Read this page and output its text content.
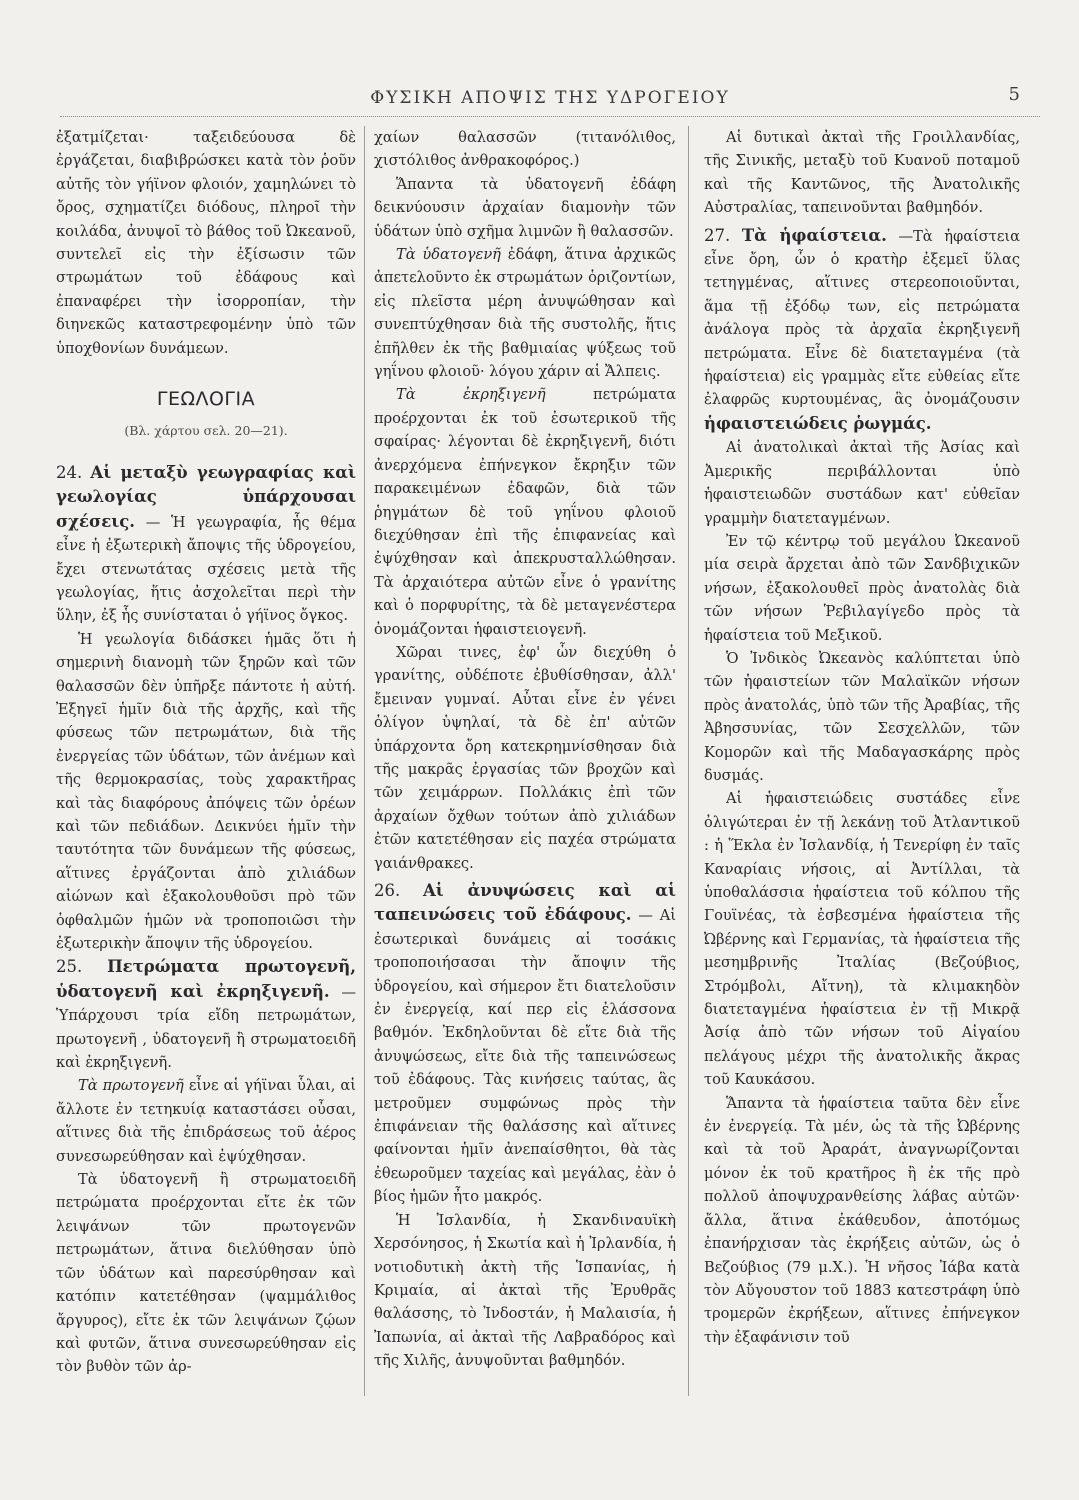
ΦΥΣΙΚΗ ΑΠΟΨΙΣ ΤΗΣ ΥΔΡΟΓΕΙΟΥ	5

ἐξατμίζεται· ταξειδεύουσα δὲ ἐργάζεται, διαβιβρώσκει κατὰ τὸν ῥοῦν αὐτῆς τὸν γήϊνον φλοιόν, χαμηλώνει τὸ ὄρος, σχηματίζει διόδους, πληροῖ τὴν κοιλάδα, ἀνυψοῖ τὸ βάθος τοῦ Ὠκεανοῦ, συντελεῖ εἰς τὴν ἐξίσωσιν τῶν στρωμάτων τοῦ ἐδάφους καὶ ἐπαναφέρει τὴν ἰσορροπίαν, τὴν διηνεκῶς καταστρεφομένην ὑπὸ τῶν ὑποχθονίων δυνάμεων.

ΓΕΩΛΟΓΙΑ
(Βλ. χάρτου σελ. 20—21).

24. Αἱ μεταξὺ γεωγραφίας καὶ γεωλογίας ὑπάρχουσαι σχέσεις. — Ἡ γεωγραφία, ἧς θέμα εἶνε ἡ ἐξωτερικὴ ἄποψις τῆς ὑδρογείου, ἔχει στενωτάτας σχέσεις μετὰ τῆς γεωλογίας, ἥτις ἀσχολεῖται περὶ τὴν ὕλην, ἐξ ἧς συνίσταται ὁ γήϊνος ὄγκος.

Ἡ γεωλογία διδάσκει ἡμᾶς ὅτι ἡ σημερινὴ διανομὴ τῶν ξηρῶν καὶ τῶν θαλασσῶν δὲν ὑπῆρξε πάντοτε ἡ αὐτή. Ἐξηγεῖ ἡμῖν διὰ τῆς ἀρχῆς, καὶ τῆς φύσεως τῶν πετρωμάτων, διὰ τῆς ἐνεργείας τῶν ὑδάτων, τῶν ἀνέμων καὶ τῆς θερμοκρασίας, τοὺς χαρακτῆρας καὶ τὰς διαφόρους ἀπόψεις τῶν ὀρέων καὶ τῶν πεδιάδων. Δεικνύει ἡμῖν τὴν ταυτότητα τῶν δυνάμεων τῆς φύσεως, αἵτινες ἐργάζονται ἀπὸ χιλιάδων αἰώνων καὶ ἐξακολουθοῦσι πρὸ τῶν ὀφθαλμῶν ἡμῶν νὰ τροποποιῶσι τὴν ἐξωτερικὴν ἄποψιν τῆς ὑδρογείου.

25. Πετρώματα πρωτογενῆ, ὑδατογενῆ καὶ ἐκρηξιγενῆ. — Ὑπάρχουσι τρία εἴδη πετρωμάτων, πρωτογενῆ , ὑδατογενῆ ἢ στρωματοειδῆ καὶ ἐκρηξιγενῆ.

Τὰ πρωτογενῆ εἶνε αἱ γήϊναι ὗλαι, αἱ ἄλλοτε ἐν τετηκυίᾳ καταστάσει οὖσαι, αἵτινες διὰ τῆς ἐπιδράσεως τοῦ ἀέρος συνεσωρεύθησαν καὶ ἐψύχθησαν.

Τὰ ὑδατογενῆ ἢ στρωματοειδῆ πετρώματα προέρχονται εἴτε ἐκ τῶν λειψάνων τῶν πρωτογενῶν πετρωμάτων, ἅτινα διελύθησαν ὑπὸ τῶν ὑδάτων καὶ παρεσύρθησαν καὶ κατόπιν κατετέθησαν (ψαμμάλιθος ἄργυρος), εἴτε ἐκ τῶν λειψάνων ζῴων καὶ φυτῶν, ἅτινα συνεσωρεύθησαν εἰς τὸν βυθὸν τῶν ἀρ-

χαίων θαλασσῶν (τιτανόλιθος, χιστόλιθος ἀνθρακοφόρος.)

Ἅπαντα τὰ ὑδατογενῆ ἐδάφη δεικνύουσιν ἀρχαίαν διαμονὴν τῶν ὑδάτων ὑπὸ σχῆμα λιμνῶν ἢ θαλασσῶν.

Τὰ ὑδατογενῆ ἐδάφη, ἅτινα ἀρχικῶς ἀπετελοῦντο ἐκ στρωμάτων ὁριζοντίων, εἰς πλεῖστα μέρη ἀνυψώθησαν καὶ συνεπτύχθησαν διὰ τῆς συστολῆς, ἥτις ἐπῆλθεν ἐκ τῆς βαθμιαίας ψύξεως τοῦ γηΐνου φλοιοῦ· λόγου χάριν αἱ Ἄλπεις.

Τὰ ἐκρηξιγενῆ	πετρώματα προέρχονται ἐκ τοῦ ἐσωτερικοῦ τῆς σφαίρας· λέγονται δὲ ἐκρηξιγενῆ, διότι ἀνερχόμενα ἐπήνεγκον ἔκρηξιν τῶν παρακειμένων ἐδαφῶν, διὰ τῶν ῥηγμάτων δὲ τοῦ γηΐνου φλοιοῦ διεχύθησαν ἐπὶ τῆς ἐπιφανείας καὶ ἐψύχθησαν καὶ ἀπεκρυσταλλώθησαν. Τὰ ἀρχαιότερα αὐτῶν εἶνε ὁ γρανίτης καὶ ὁ πορφυρίτης, τὰ δὲ μεταγενέστερα ὀνομάζονται ἡφαιστειογενῆ.

Χῶραι τινες, ἐφ' ὧν διεχύθη ὁ γρανίτης, οὐδέποτε ἐβυθίσθησαν, ἀλλ' ἔμειναν γυμναί. Αὗται εἶνε ἐν γένει ὀλίγον ὑψηλαί, τὰ δὲ ἐπ' αὐτῶν ὑπάρχοντα ὄρη κατεκρημνίσθησαν διὰ τῆς μακρᾶς ἐργασίας τῶν βροχῶν καὶ τῶν χειμάρρων. Πολλάκις ἐπὶ τῶν ἀρχαίων ὄχθων τούτων ἀπὸ χιλιάδων ἐτῶν κατετέθησαν εἰς παχέα στρώματα γαιάνθρακες.

26. Αἱ ἀνυψώσεις καὶ αἱ ταπεινώσεις τοῦ ἐδάφους. — Αἱ ἐσωτερικαὶ δυνάμεις αἱ τοσάκις τροποποιήσασαι τὴν ἄποψιν τῆς ὑδρογείου, καὶ σήμερον ἔτι διατελοῦσιν ἐν ἐνεργείᾳ, καί περ εἰς ἐλάσσονα βαθμόν. Ἐκδηλοῦνται δὲ εἴτε διὰ τῆς ἀνυψώσεως, εἴτε διὰ τῆς ταπεινώσεως τοῦ ἐδάφους. Τὰς κινήσεις ταύτας, ἃς μετροῦμεν συμφώνως πρὸς τὴν ἐπιφάνειαν τῆς θαλάσσης καὶ αἵτινες φαίνονται ἡμῖν ἀνεπαίσθητοι, θὰ τὰς ἐθεωροῦμεν ταχείας καὶ μεγάλας, ἐὰν ὁ βίος ἡμῶν ἦτο μακρός.

Ἡ Ἰσλανδία, ἡ Σκανδιναυϊκὴ Χερσόνησος, ἡ Σκωτία καὶ ἡ Ἰρλανδία, ἡ νοτιοδυτικὴ ἀκτὴ τῆς Ἱσπανίας, ἡ Κριμαία, αἱ ἀκταὶ τῆς Ἐρυθρᾶς θαλάσσης, τὸ Ἰνδοστάν, ἡ Μαλαισία, ἡ Ἰαπωνία, αἱ ἀκταὶ τῆς Λαβραδόρος καὶ τῆς Χιλῆς, ἀνυψοῦνται βαθμηδόν.

Αἱ δυτικαὶ ἀκταὶ τῆς Γροιλλανδίας, τῆς Σινικῆς, μεταξὺ τοῦ Κυανοῦ ποταμοῦ καὶ τῆς Καντῶνος, τῆς Ἀνατολικῆς Αὐστραλίας, ταπεινοῦνται βαθμηδόν.

27. Τὰ ἡφαίστεια. —Τὰ ἡφαίστεια εἶνε ὄρη, ὧν ὁ κρατὴρ ἐξεμεῖ ὕλας τετηγμένας, αἵτινες στερεοποιοῦνται, ἅμα τῇ ἐξόδῳ των, εἰς πετρώματα ἀνάλογα πρὸς τὰ ἀρχαῖα ἐκρηξιγενῆ πετρώματα. Εἶνε δὲ διατεταγμένα (τὰ ἡφαίστεια) εἰς γραμμὰς εἴτε εὐθείας εἴτε ἐλαφρῶς κυρτουμένας, ἃς ὀνομάζουσιν ἡφαιστειώδεις ῥωγμάς.

Αἱ ἀνατολικαὶ ἀκταὶ τῆς Ἀσίας καὶ Ἀμερικῆς περιβάλλονται ὑπὸ ἡφαιστειωδῶν συστάδων κατ' εὐθεῖαν γραμμὴν διατεταγμένων.

Ἐν τῷ κέντρῳ τοῦ μεγάλου Ὠκεανοῦ μία σειρὰ ἄρχεται ἀπὸ τῶν Σανδβιχικῶν νήσων, ἐξακολουθεῖ πρὸς ἀνατολὰς διὰ τῶν νήσων Ῥεβιλαγίγεδο πρὸς τὰ ἡφαίστεια τοῦ Μεξικοῦ.

Ὁ Ἰνδικὸς Ὠκεανὸς καλύπτεται ὑπὸ τῶν ἡφαιστείων τῶν Μαλαϊκῶν νήσων πρὸς ἀνατολάς, ὑπὸ τῶν τῆς Ἀραβίας, τῆς Ἀβησσυνίας, τῶν Σεσχελλῶν, τῶν Κομορῶν καὶ τῆς Μαδαγασκάρης πρὸς δυσμάς.

Αἱ ἡφαιστειώδεις συστάδες εἶνε ὀλιγώτεραι ἐν τῇ λεκάνῃ τοῦ Ἀτλαντικοῦ : ἡ Ἕκλα ἐν Ἰσλανδίᾳ, ἡ Τενερίφη ἐν ταῖς Καναρίαις νήσοις, αἱ Ἀντίλλαι, τὰ ὑποθαλάσσια ἡφαίστεια τοῦ κόλπου τῆς Γουϊνέας, τὰ ἐσβεσμένα ἡφαίστεια τῆς Ὠβέρνης καὶ Γερμανίας, τὰ ἡφαίστεια τῆς μεσημβρινῆς Ἰταλίας (Βεζούβιος, Στρόμβολι, Αἴτνη), τὰ κλιμακηδὸν διατεταγμένα ἡφαίστεια ἐν τῇ Μικρᾷ Ἀσίᾳ ἀπὸ τῶν νήσων τοῦ Αἰγαίου πελάγους μέχρι τῆς ἀνατολικῆς ἄκρας τοῦ Καυκάσου.

Ἅπαντα τὰ ἡφαίστεια ταῦτα δὲν εἶνε ἐν ἐνεργείᾳ. Τὰ μέν, ὡς τὰ τῆς Ὠβέρνης καὶ τὰ τοῦ Ἀραράτ, ἀναγνωρίζονται μόνον ἐκ τοῦ κρατῆρος ἢ ἐκ τῆς πρὸ πολλοῦ ἀποψυχρανθείσης λάβας αὐτῶν· ἄλλα, ἅτινα ἐκάθευδον, ἀποτόμως ἐπανήρχισαν τὰς ἐκρήξεις αὐτῶν, ὡς ὁ Βεζούβιος (79 μ.Χ.). Ἡ νῆσος Ἰάβα κατὰ τὸν Αὔγουστον τοῦ 1883 κατεστράφη ὑπὸ τρομερῶν ἐκρήξεων, αἵτινες ἐπήνεγκον τὴν ἐξαφάνισιν τοῦ
